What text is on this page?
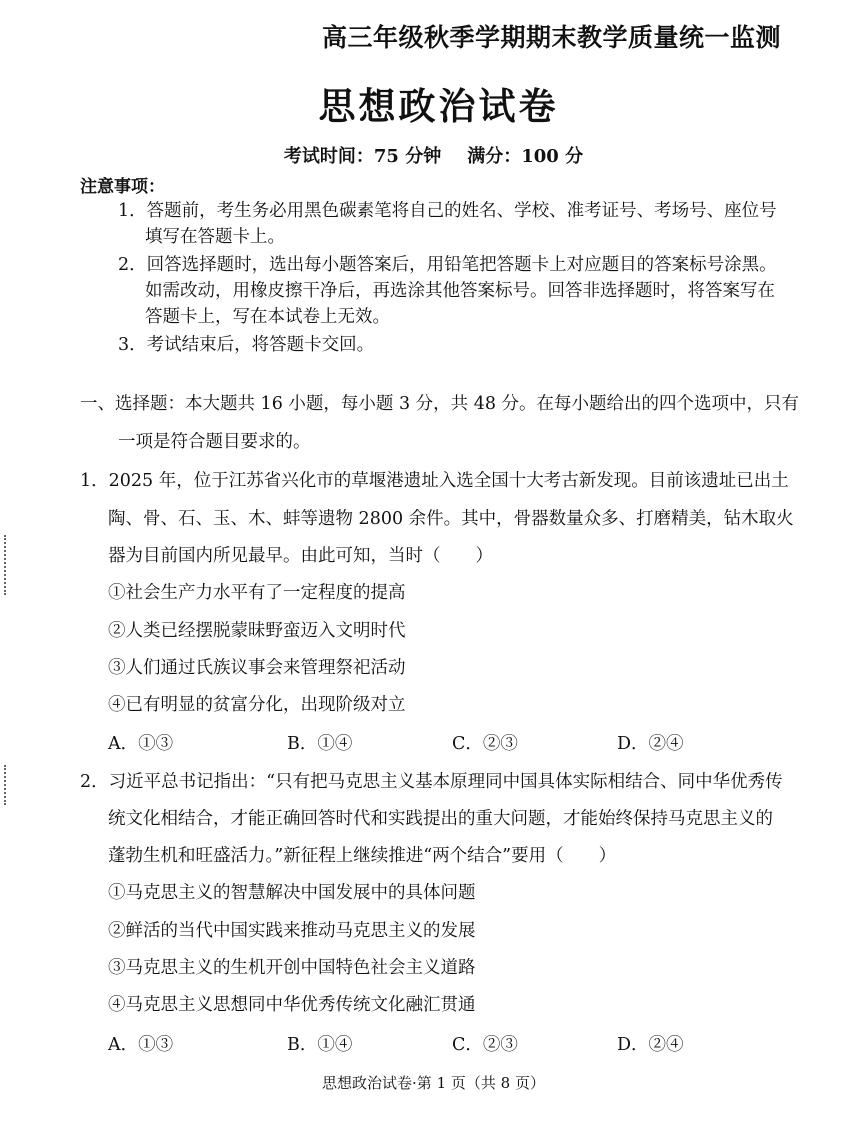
高三年级秋季学期期末教学质量统一监测
思想政治试卷
考试时间：75 分钟 满分：100 分
注意事项：
1．答题前，考生务必用黑色碳素笔将自己的姓名、学校、准考证号、考场号、座位号
填写在答题卡上。
2．回答选择题时，选出每小题答案后，用铅笔把答题卡上对应题目的答案标号涂黑。
如需改动，用橡皮擦干净后，再选涂其他答案标号。回答非选择题时，将答案写在
答题卡上，写在本试卷上无效。
3．考试结束后，将答题卡交回。
一、选择题：本大题共 16 小题，每小题 3 分，共 48 分。在每小题给出的四个选项中，只有
一项是符合题目要求的。
1．2025 年，位于江苏省兴化市的草堰港遗址入选全国十大考古新发现。目前该遗址已出土
陶、骨、石、玉、木、蚌等遗物 2800 余件。其中，骨器数量众多、打磨精美，钻木取火
器为目前国内所见最早。由此可知，当时（　　）
①社会生产力水平有了一定程度的提高
②人类已经摆脱蒙昧野蛮迈入文明时代
③人们通过氏族议事会来管理祭祀活动
④已有明显的贫富分化，出现阶级对立
A．①③	B．①④	C．②③	D．②④
2．习近平总书记指出：“只有把马克思主义基本原理同中国具体实际相结合、同中华优秀传
统文化相结合，才能正确回答时代和实践提出的重大问题，才能始终保持马克思主义的
蓬勃生机和旺盛活力。”新征程上继续推进“两个结合”要用（　　）
①马克思主义的智慧解决中国发展中的具体问题
②鲜活的当代中国实践来推动马克思主义的发展
③马克思主义的生机开创中国特色社会主义道路
④马克思主义思想同中华优秀传统文化融汇贯通
A．①③	B．①④	C．②③	D．②④
思想政治试卷·第 1 页（共 8 页）
